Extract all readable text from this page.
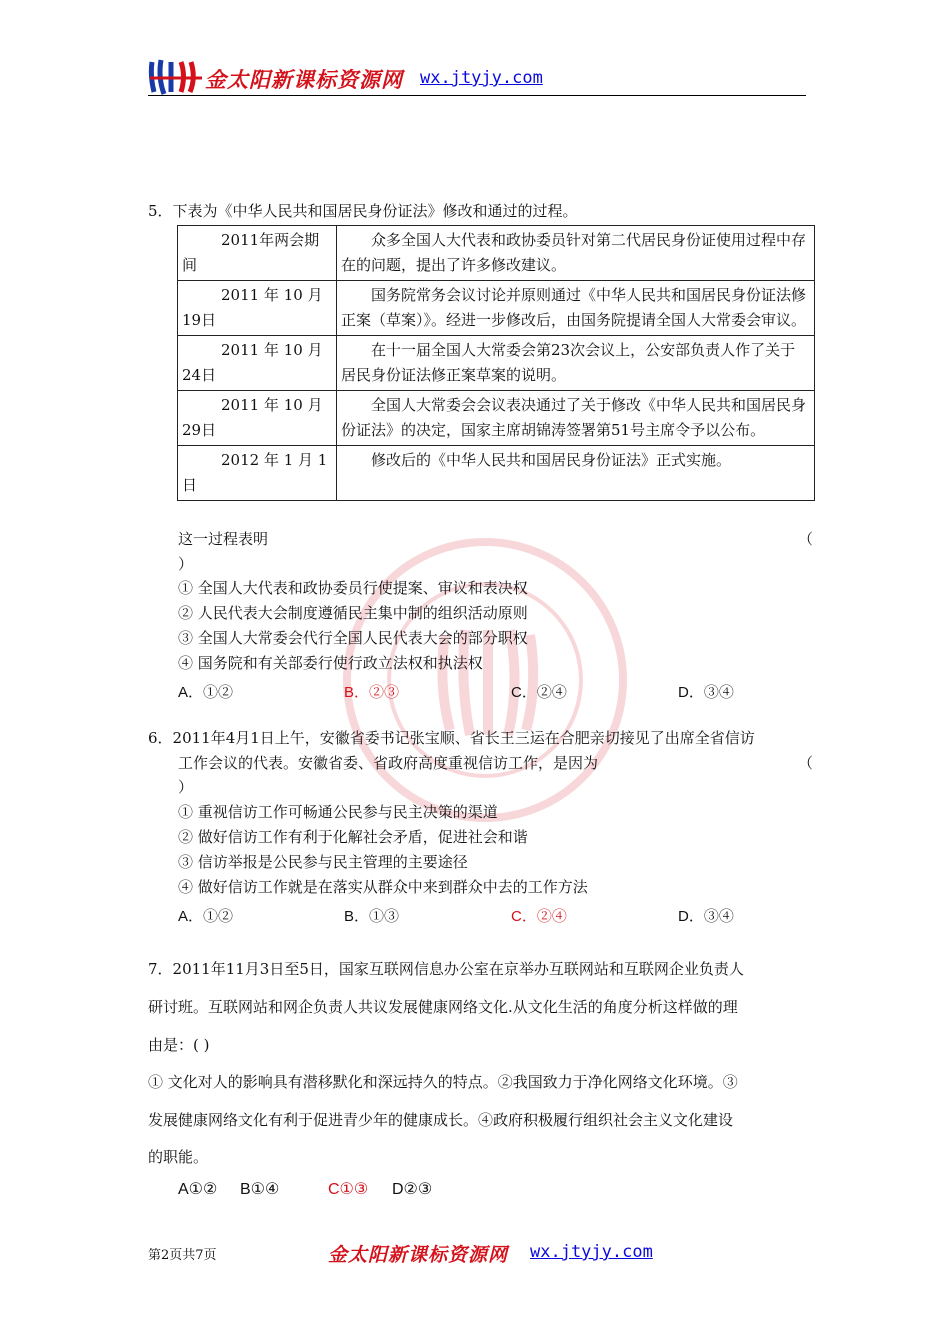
金太阳新课标资源网 wx.jtyjy.com
5．下表为《中华人民共和国居民身份证法》修改和通过的过程。
2011年两会期间	众多全国人大代表和政协委员针对第二代居民身份证使用过程中存在的问题，提出了许多修改建议。
2011 年 10 月19日	国务院常务会议讨论并原则通过《中华人民共和国居民身份证法修正案（草案）》。经进一步修改后，由国务院提请全国人大常委会审议。
2011 年 10 月24日	在十一届全国人大常委会第23次会议上，公安部负责人作了关于居民身份证法修正案草案的说明。
2011 年 10 月29日	全国人大常委会会议表决通过了关于修改《中华人民共和国居民身份证法》的决定，国家主席胡锦涛签署第51号主席令予以公布。
2012 年 1 月 1日	修改后的《中华人民共和国居民身份证法》正式实施。
这一过程表明	（
）
① 全国人大代表和政协委员行使提案、审议和表决权
② 人民代表大会制度遵循民主集中制的组织活动原则
③ 全国人大常委会代行全国人民代表大会的部分职权
④ 国务院和有关部委行使行政立法权和执法权
A．①②	B．②③	C．②④	D．③④
6．2011年4月1日上午，安徽省委书记张宝顺、省长王三运在合肥亲切接见了出席全省信访
工作会议的代表。安徽省委、省政府高度重视信访工作，是因为	（
）
① 重视信访工作可畅通公民参与民主决策的渠道
② 做好信访工作有利于化解社会矛盾，促进社会和谐
③ 信访举报是公民参与民主管理的主要途径
④ 做好信访工作就是在落实从群众中来到群众中去的工作方法
A．①②	B．①③	C．②④	D．③④
7．2011年11月3日至5日，国家互联网信息办公室在京举办互联网站和互联网企业负责人
研讨班。互联网站和网企负责人共议发展健康网络文化.从文化生活的角度分析这样做的理
由是：( )
① 文化对人的影响具有潜移默化和深远持久的特点。②我国致力于净化网络文化环境。③
发展健康网络文化有利于促进青少年的健康成长。④政府积极履行组织社会主义文化建设
的职能。
A①② B①④	C①③ D②③
第2页共7页	金太阳新课标资源网 wx.jtyjy.com
